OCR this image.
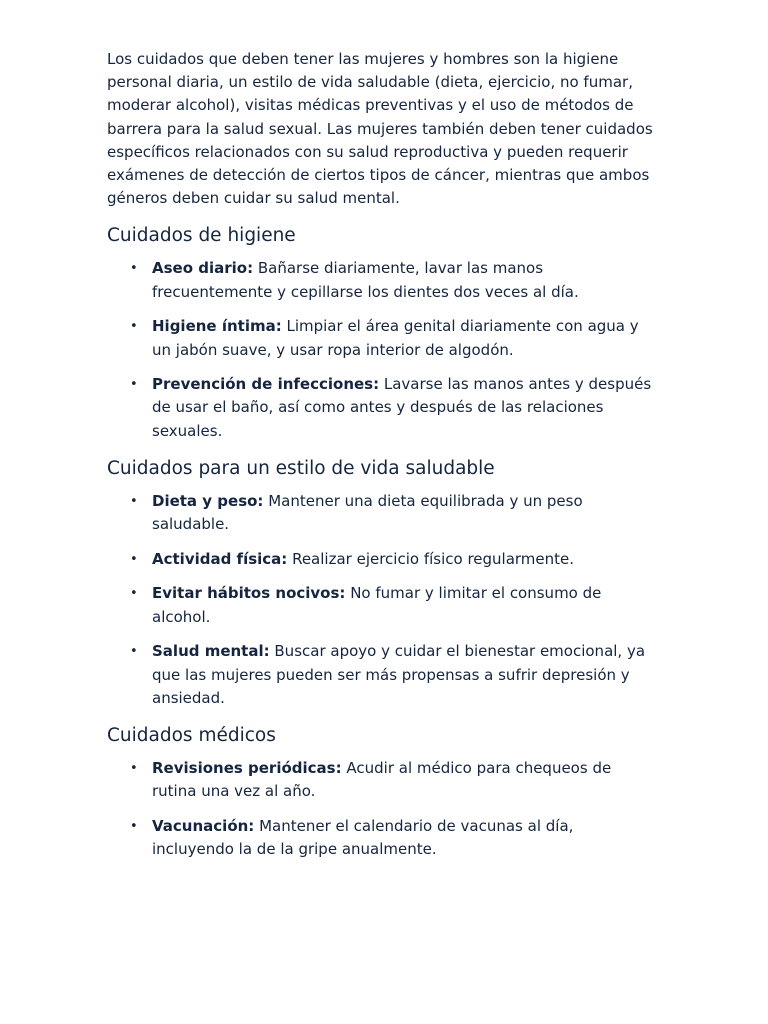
Los cuidados que deben tener las mujeres y hombres son la higiene personal diaria, un estilo de vida saludable (dieta, ejercicio, no fumar, moderar alcohol), visitas médicas preventivas y el uso de métodos de barrera para la salud sexual. Las mujeres también deben tener cuidados específicos relacionados con su salud reproductiva y pueden requerir exámenes de detección de ciertos tipos de cáncer, mientras que ambos géneros deben cuidar su salud mental.

Cuidados de higiene
• Aseo diario: Bañarse diariamente, lavar las manos frecuentemente y cepillarse los dientes dos veces al día.
• Higiene íntima: Limpiar el área genital diariamente con agua y un jabón suave, y usar ropa interior de algodón.
• Prevención de infecciones: Lavarse las manos antes y después de usar el baño, así como antes y después de las relaciones sexuales.
Cuidados para un estilo de vida saludable
• Dieta y peso: Mantener una dieta equilibrada y un peso saludable.
• Actividad física: Realizar ejercicio físico regularmente.
• Evitar hábitos nocivos: No fumar y limitar el consumo de alcohol.
• Salud mental: Buscar apoyo y cuidar el bienestar emocional, ya que las mujeres pueden ser más propensas a sufrir depresión y ansiedad.
Cuidados médicos
• Revisiones periódicas: Acudir al médico para chequeos de rutina una vez al año.
• Vacunación: Mantener el calendario de vacunas al día, incluyendo la de la gripe anualmente.
